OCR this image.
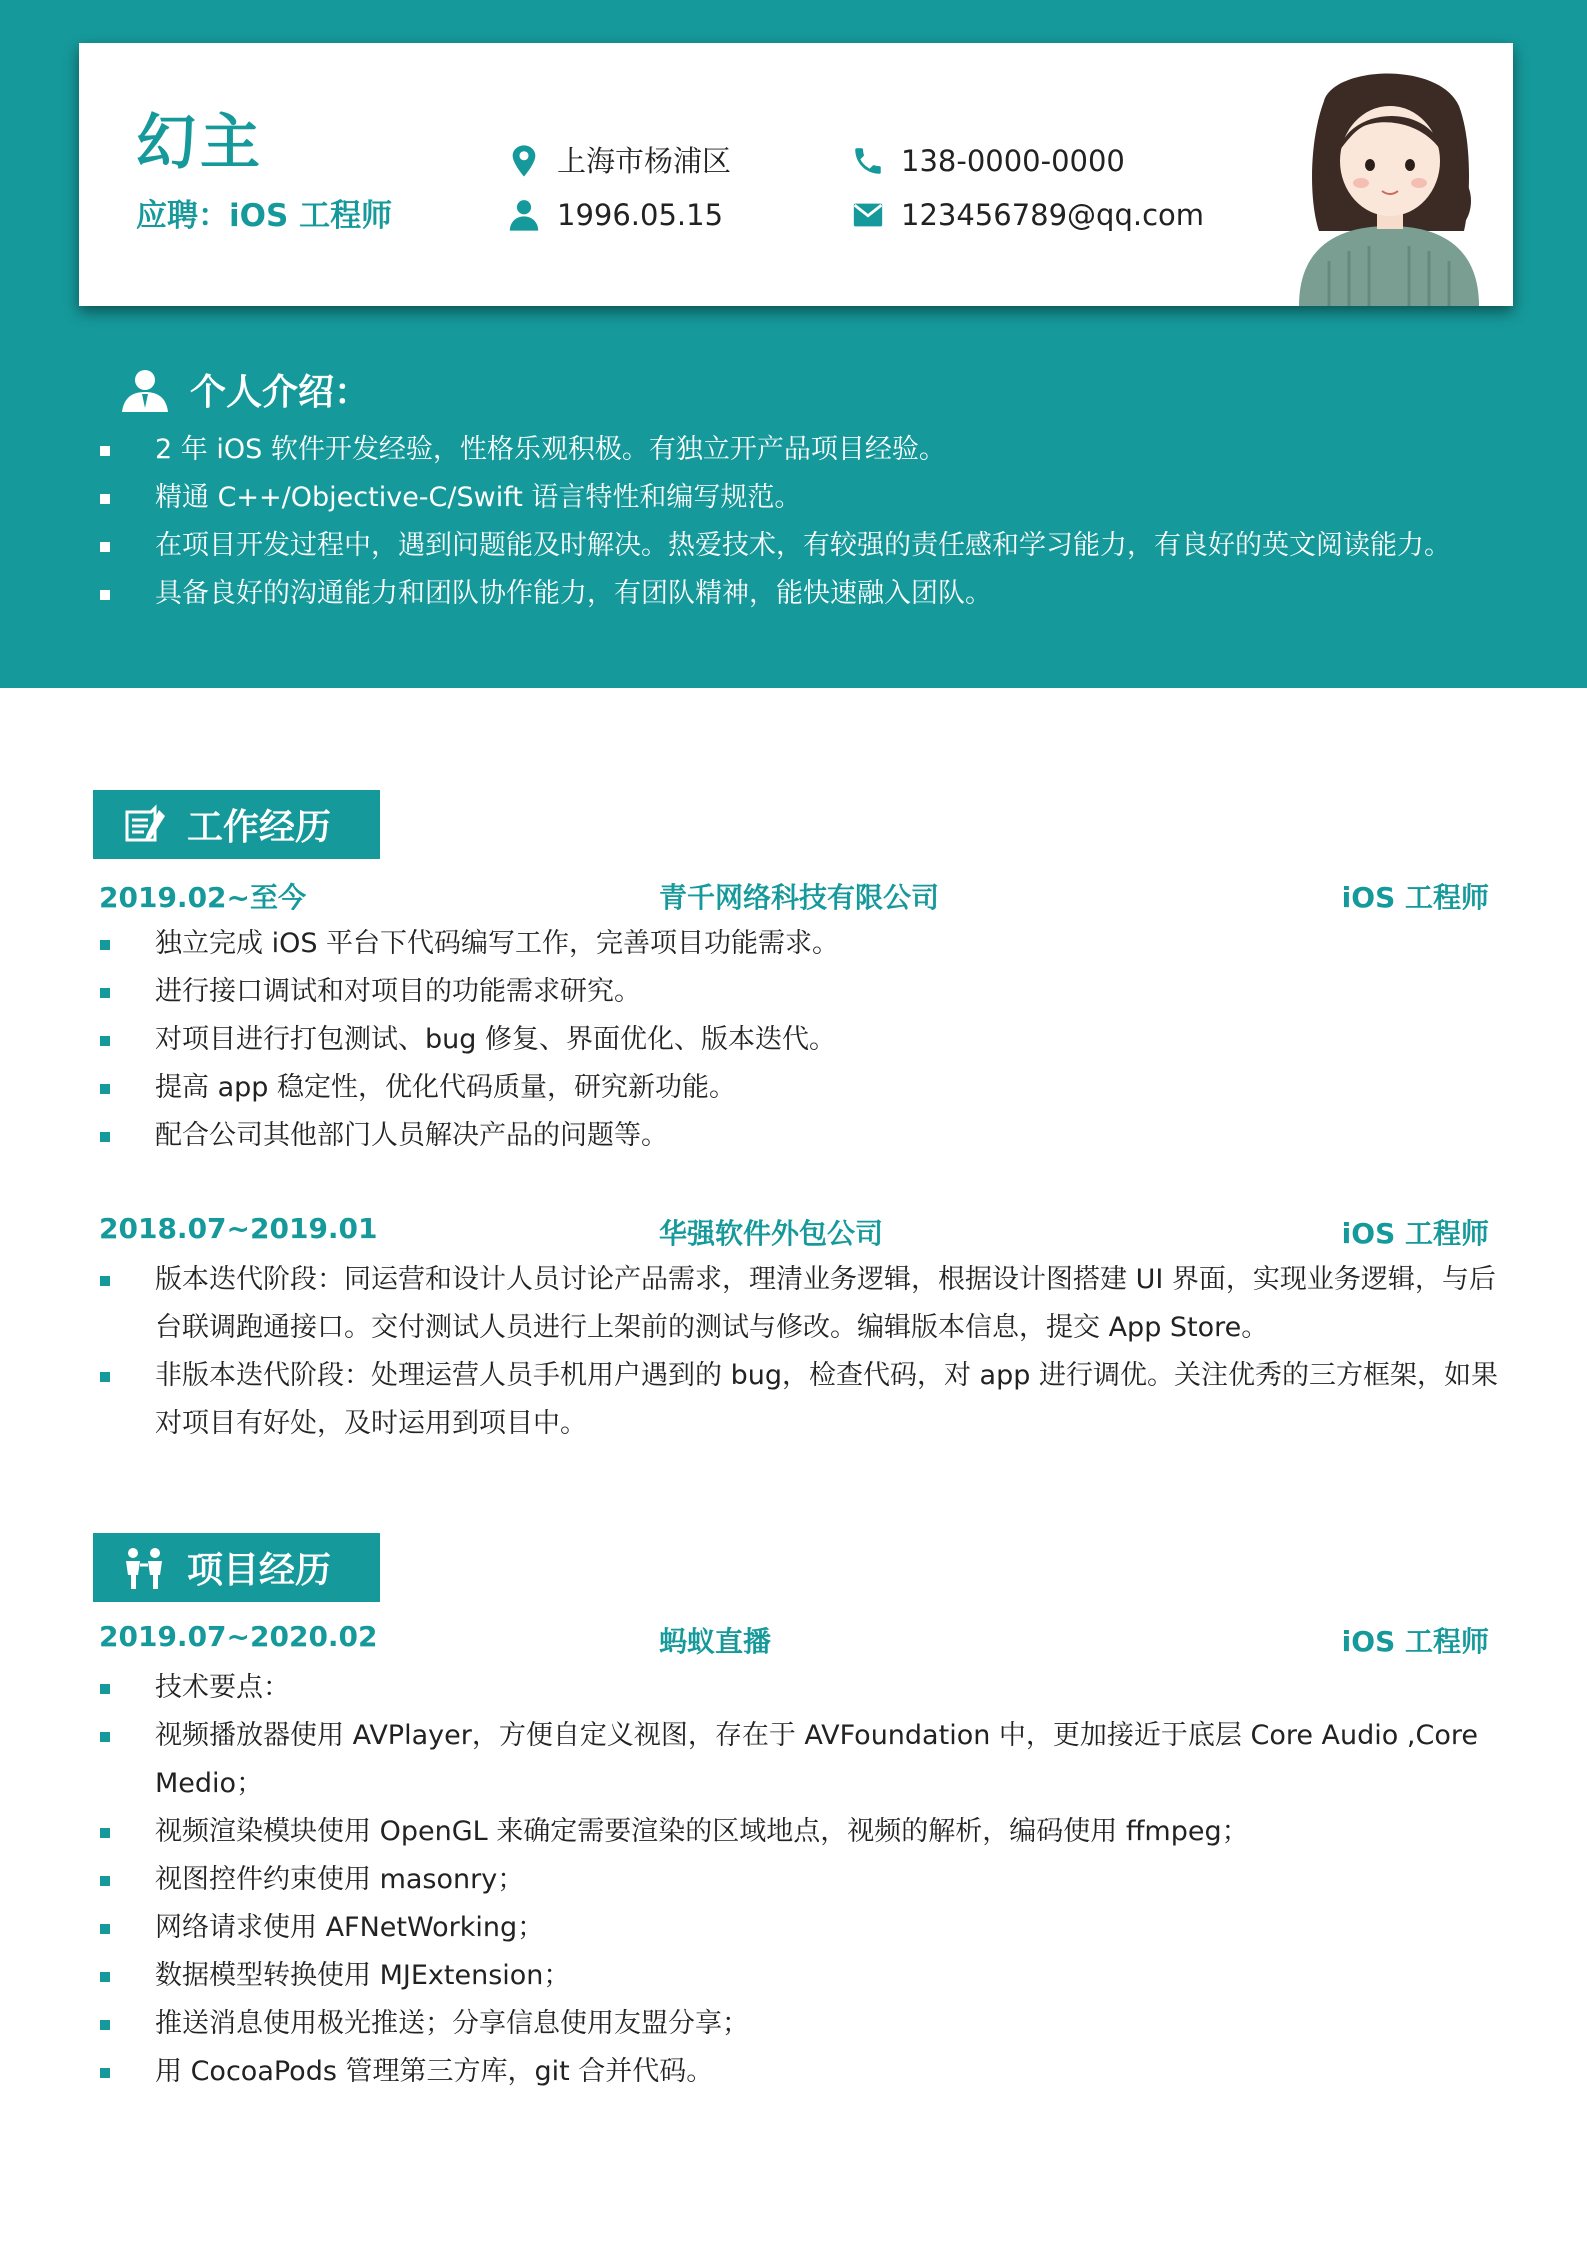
幻主
应聘：iOS 工程师
上海市杨浦区
1996.05.15
138-0000-0000
123456789@qq.com
个人介绍：
2 年 iOS 软件开发经验，性格乐观积极。有独立开产品项目经验。
精通 C++/Objective-C/Swift 语言特性和编写规范。
在项目开发过程中，遇到问题能及时解决。热爱技术，有较强的责任感和学习能力，有良好的英文阅读能力。
具备良好的沟通能力和团队协作能力，有团队精神，能快速融入团队。
工作经历
2019.02~至今	青千网络科技有限公司	iOS 工程师
独立完成 iOS 平台下代码编写工作，完善项目功能需求。
进行接口调试和对项目的功能需求研究。
对项目进行打包测试、bug 修复、界面优化、版本迭代。
提高 app 稳定性，优化代码质量，研究新功能。
配合公司其他部门人员解决产品的问题等。
2018.07~2019.01	华强软件外包公司	iOS 工程师
版本迭代阶段：同运营和设计人员讨论产品需求，理清业务逻辑，根据设计图搭建 UI 界面，实现业务逻辑，与后台联调跑通接口。交付测试人员进行上架前的测试与修改。编辑版本信息，提交 App Store。
非版本迭代阶段：处理运营人员手机用户遇到的 bug，检查代码，对 app 进行调优。关注优秀的三方框架，如果对项目有好处，及时运用到项目中。
项目经历
2019.07~2020.02	蚂蚁直播	iOS 工程师
技术要点：
视频播放器使用 AVPlayer，方便自定义视图，存在于 AVFoundation 中，更加接近于底层 Core Audio ,Core Medio；
视频渲染模块使用 OpenGL 来确定需要渲染的区域地点，视频的解析，编码使用 ffmpeg；
视图控件约束使用 masonry；
网络请求使用 AFNetWorking；
数据模型转换使用 MJExtension；
推送消息使用极光推送；分享信息使用友盟分享；
用 CocoaPods 管理第三方库，git 合并代码。
